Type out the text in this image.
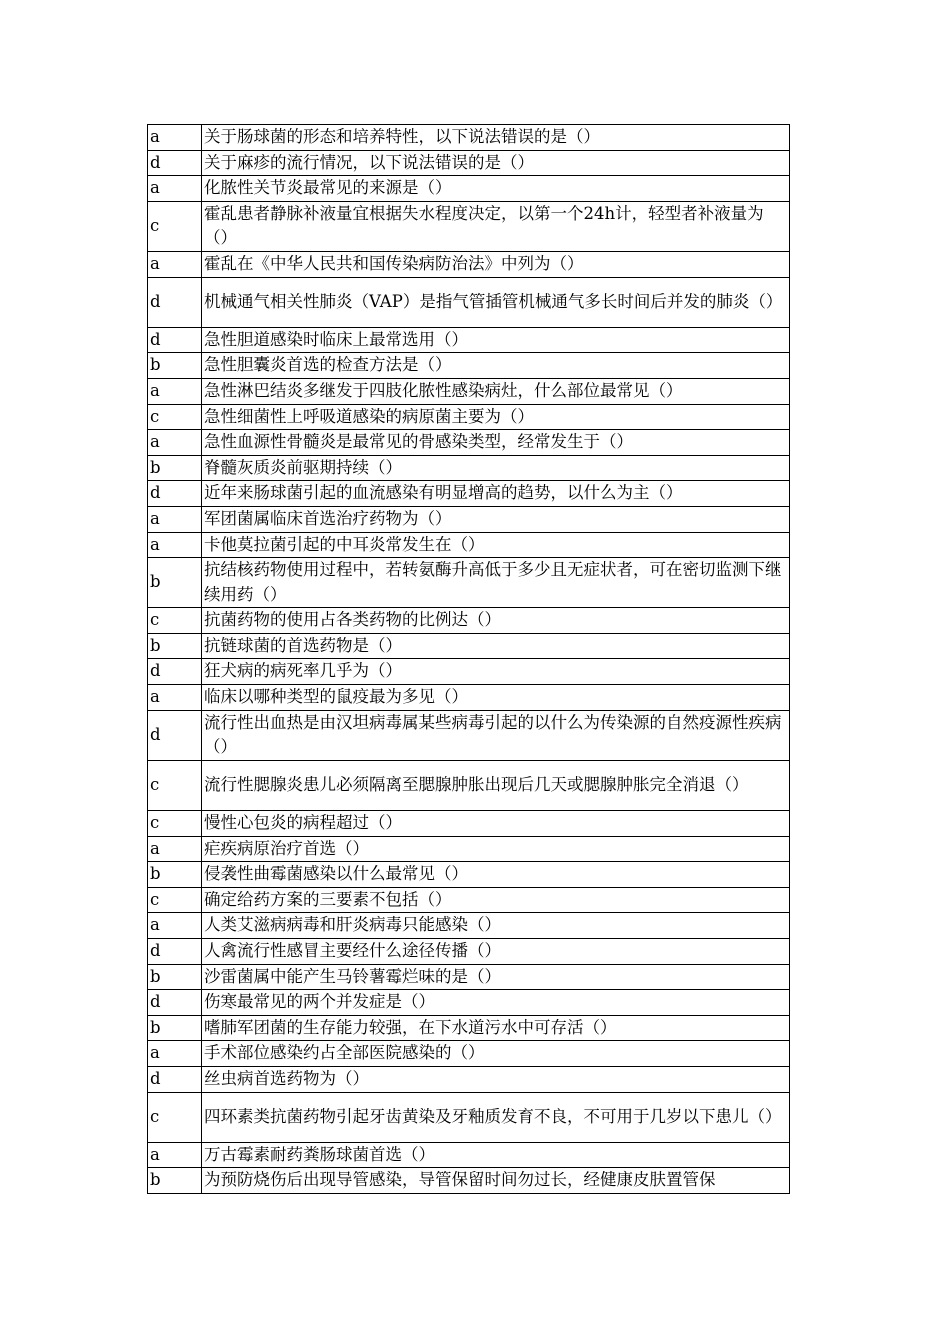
a	关于肠球菌的形态和培养特性，以下说法错误的是（）
d	关于麻疹的流行情况，以下说法错误的是（）
a	化脓性关节炎最常见的来源是（）
c	霍乱患者静脉补液量宜根据失水程度决定，以第一个24h计，轻型者补液量为（）
a	霍乱在《中华人民共和国传染病防治法》中列为（）
d	机械通气相关性肺炎（VAP）是指气管插管机械通气多长时间后并发的肺炎（）
d	急性胆道感染时临床上最常选用（）
b	急性胆囊炎首选的检查方法是（）
a	急性淋巴结炎多继发于四肢化脓性感染病灶，什么部位最常见（）
c	急性细菌性上呼吸道感染的病原菌主要为（）
a	急性血源性骨髓炎是最常见的骨感染类型，经常发生于（）
b	脊髓灰质炎前驱期持续（）
d	近年来肠球菌引起的血流感染有明显增高的趋势，以什么为主（）
a	军团菌属临床首选治疗药物为（）
a	卡他莫拉菌引起的中耳炎常发生在（）
b	抗结核药物使用过程中，若转氨酶升高低于多少且无症状者，可在密切监测下继续用药（）
c	抗菌药物的使用占各类药物的比例达（）
b	抗链球菌的首选药物是（）
d	狂犬病的病死率几乎为（）
a	临床以哪种类型的鼠疫最为多见（）
d	流行性出血热是由汉坦病毒属某些病毒引起的以什么为传染源的自然疫源性疾病（）
c	流行性腮腺炎患儿必须隔离至腮腺肿胀出现后几天或腮腺肿胀完全消退（）
c	慢性心包炎的病程超过（）
a	疟疾病原治疗首选（）
b	侵袭性曲霉菌感染以什么最常见（）
c	确定给药方案的三要素不包括（）
a	人类艾滋病病毒和肝炎病毒只能感染（）
d	人禽流行性感冒主要经什么途径传播（）
b	沙雷菌属中能产生马铃薯霉烂味的是（）
d	伤寒最常见的两个并发症是（）
b	嗜肺军团菌的生存能力较强，在下水道污水中可存活（）
a	手术部位感染约占全部医院感染的（）
d	丝虫病首选药物为（）
c	四环素类抗菌药物引起牙齿黄染及牙釉质发育不良，不可用于几岁以下患儿（）
a	万古霉素耐药粪肠球菌首选（）
b	为预防烧伤后出现导管感染，导管保留时间勿过长，经健康皮肤置管保
